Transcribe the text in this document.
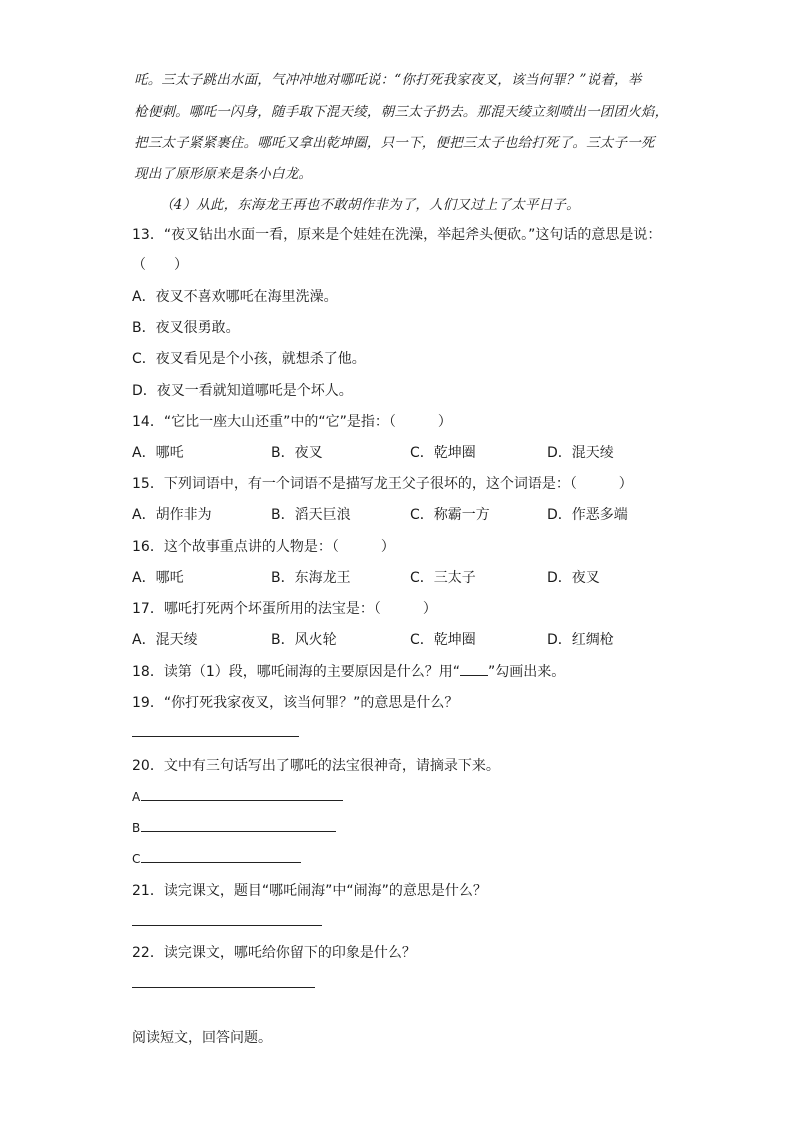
吒。三太子跳出水面，气冲冲地对哪吒说：“你打死我家夜叉，该当何罪？”说着，举
枪便刺。哪吒一闪身，随手取下混天绫，朝三太子扔去。那混天绫立刻喷出一团团火焰，
把三太子紧紧裹住。哪吒又拿出乾坤圈，只一下，便把三太子也给打死了。三太子一死
现出了原形原来是条小白龙。
（4）从此，东海龙王再也不敢胡作非为了，人们又过上了太平日子。
13．“夜叉钻出水面一看，原来是个娃娃在洗澡，举起斧头便砍。”这句话的意思是说：
（　　）
A．夜叉不喜欢哪吒在海里洗澡。
B．夜叉很勇敢。
C．夜叉看见是个小孩，就想杀了他。
D．夜叉一看就知道哪吒是个坏人。
14．“它比一座大山还重”中的“它”是指：（　　　）
A．哪吒	B．夜叉	C．乾坤圈	D．混天绫
15．下列词语中，有一个词语不是描写龙王父子很坏的，这个词语是：（　　　）
A．胡作非为	B．滔天巨浪	C．称霸一方	D．作恶多端
16．这个故事重点讲的人物是：（　　　）
A．哪吒	B．东海龙王	C．三太子	D．夜叉
17．哪吒打死两个坏蛋所用的法宝是：（　　　）
A．混天绫	B．风火轮	C．乾坤圈	D．红绸枪
18．读第（1）段，哪吒闹海的主要原因是什么？用“ ”勾画出来。
19．“你打死我家夜叉，该当何罪？”的意思是什么？
20．文中有三句话写出了哪吒的法宝很神奇，请摘录下来。
A
B
C
21．读完课文，题目“哪吒闹海”中“闹海”的意思是什么？
22．读完课文，哪吒给你留下的印象是什么？
阅读短文，回答问题。
